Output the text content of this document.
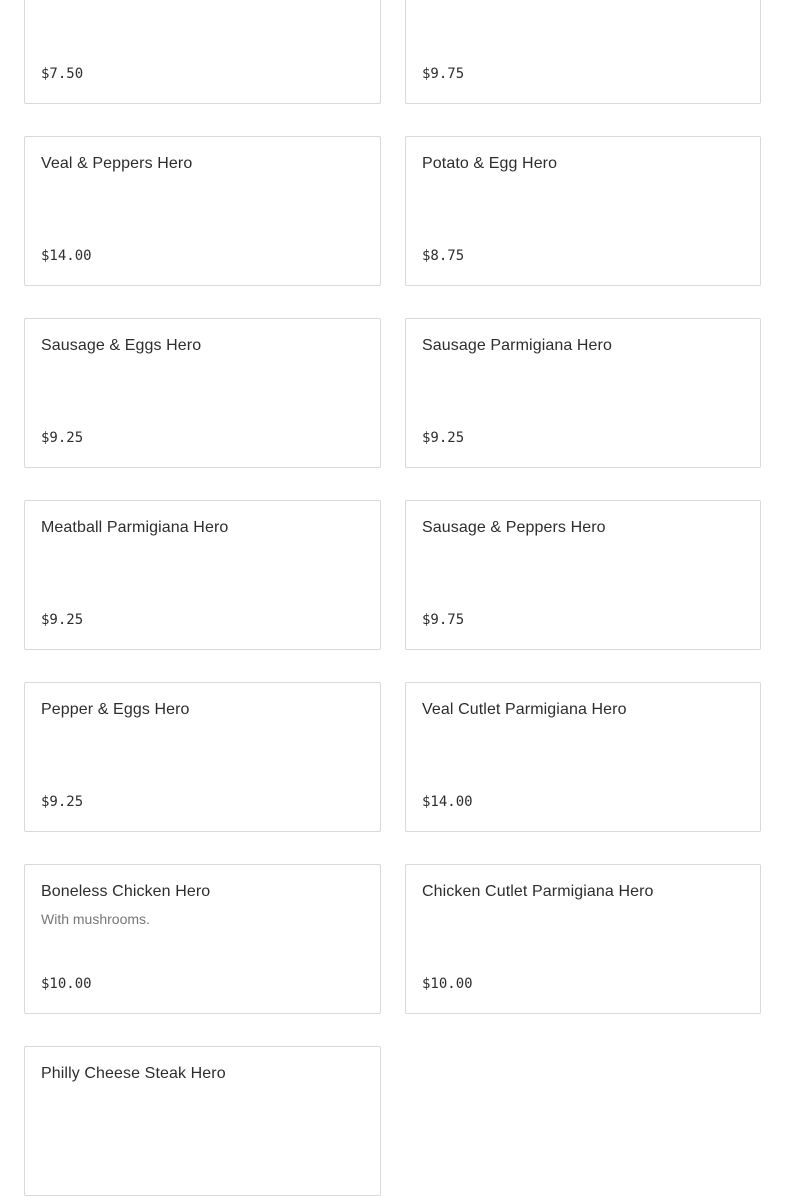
$7.50	$9.75
Veal & Peppers Hero
$14.00
Potato & Egg Hero
$8.75
Sausage & Eggs Hero
$9.25
Sausage Parmigiana Hero
$9.25
Meatball Parmigiana Hero
$9.25
Sausage & Peppers Hero
$9.75
Pepper & Eggs Hero
$9.25
Veal Cutlet Parmigiana Hero
$14.00
Boneless Chicken Hero
With mushrooms.
$10.00
Chicken Cutlet Parmigiana Hero
$10.00
Philly Cheese Steak Hero
